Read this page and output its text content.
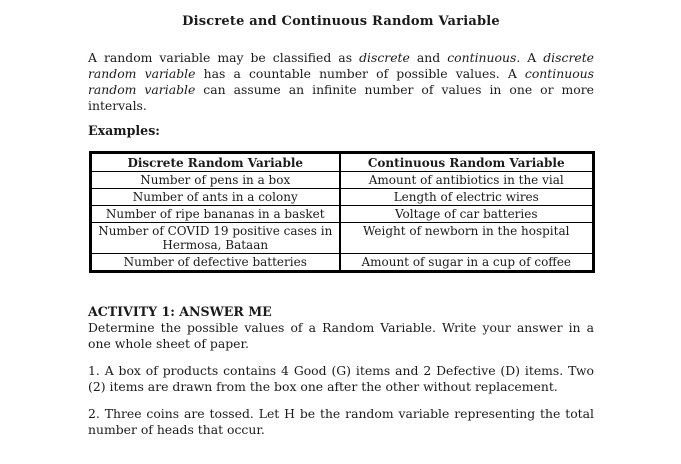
Discrete and Continuous Random Variable

A random variable may be classified as discrete and continuous. A discrete random variable has a countable number of possible values. A continuous random variable can assume an infinite number of values in one or more intervals.

Examples:

Discrete Random Variable	Continuous Random Variable
Number of pens in a box	Amount of antibiotics in the vial
Number of ants in a colony	Length of electric wires
Number of ripe bananas in a basket	Voltage of car batteries
Number of COVID 19 positive cases in Hermosa, Bataan	Weight of newborn in the hospital
Number of defective batteries	Amount of sugar in a cup of coffee

ACTIVITY 1: ANSWER ME

Determine the possible values of a Random Variable. Write your answer in a one whole sheet of paper.

1. A box of products contains 4 Good (G) items and 2 Defective (D) items. Two (2) items are drawn from the box one after the other without replacement.

2. Three coins are tossed. Let H be the random variable representing the total number of heads that occur.
